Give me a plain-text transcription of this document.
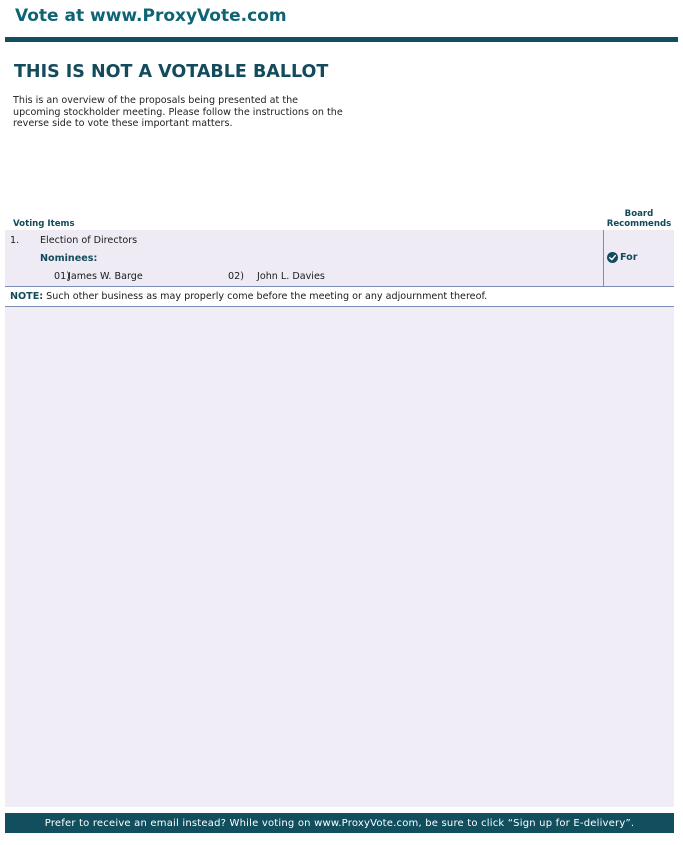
Vote at www.ProxyVote.com
THIS IS NOT A VOTABLE BALLOT
This is an overview of the proposals being presented at the upcoming stockholder meeting. Please follow the instructions on the reverse side to vote these important matters.
Voting Items
Board Recommends
1. Election of Directors
Nominees:
01)
James W. Barge	02) John L. Davies
For
NOTE: Such other business as may properly come before the meeting or any adjournment thereof.
Prefer to receive an email instead? While voting on www.ProxyVote.com, be sure to click “Sign up for E-delivery”.
